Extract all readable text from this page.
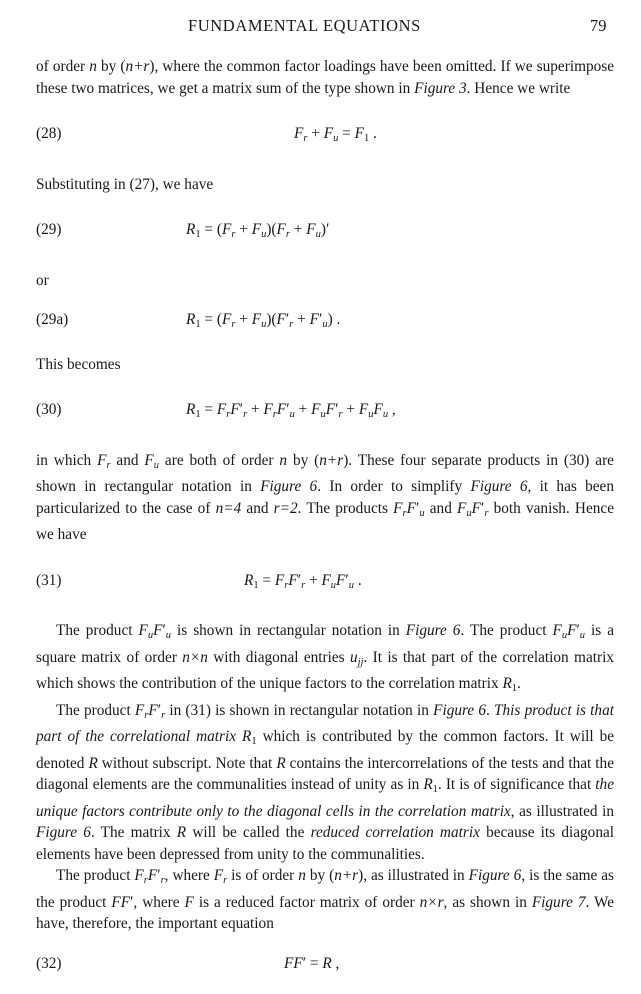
FUNDAMENTAL EQUATIONS	79

of order n by (n+r), where the common factor loadings have been omitted. If we superimpose these two matrices, we get a matrix sum of the type shown in Figure 3. Hence we write

(28)	$F_r + F_u = F1$ .

Substituting in (27), we have

(29)	$R1 = (F_r + F_u)(F_r + F_u)'$

or

(29a)	$R1 = (F_r + F_u)(F'_r + F'_u)$ .

This becomes

(30)	$R1 = F_rF'_r + F_rF'_u + F_uF'_r + F_uF_u$ ,

in which $F_r$ and $F_u$ are both of order n by (n+r). These four separate products in (30) are shown in rectangular notation in Figure 6. In order to simplify Figure 6, it has been particularized to the case of n=4 and r=2. The products $F_rF'_u$ and $F_uF'_r$ both vanish. Hence we have

(31)	$R1 = F_rF'_r + F_uF'_u$ .

The product $F_uF'_u$ is shown in rectangular notation in Figure 6. The product $F_uF'_u$ is a square matrix of order n×n with diagonal entries $u_{jj}$. It is that part of the correlation matrix which shows the contribution of the unique factors to the correlation matrix R1.

The product $F_rF'_r$ in (31) is shown in rectangular notation in Figure 6. This product is that part of the correlational matrix R1 which is contributed by the common factors. It will be denoted R without subscript. Note that R contains the intercorrelations of the tests and that the diagonal elements are the communalities instead of unity as in R1. It is of significance that the unique factors contribute only to the diagonal cells in the correlation matrix, as illustrated in Figure 6. The matrix R will be called the reduced correlation matrix because its diagonal elements have been depressed from unity to the communalities.

The product $F_rF'_r$, where $F_r$ is of order n by (n+r), as illustrated in Figure 6, is the same as the product FF′, where F is a reduced factor matrix of order n×r, as shown in Figure 7. We have, therefore, the important equation

(32)	FF′ = R ,
